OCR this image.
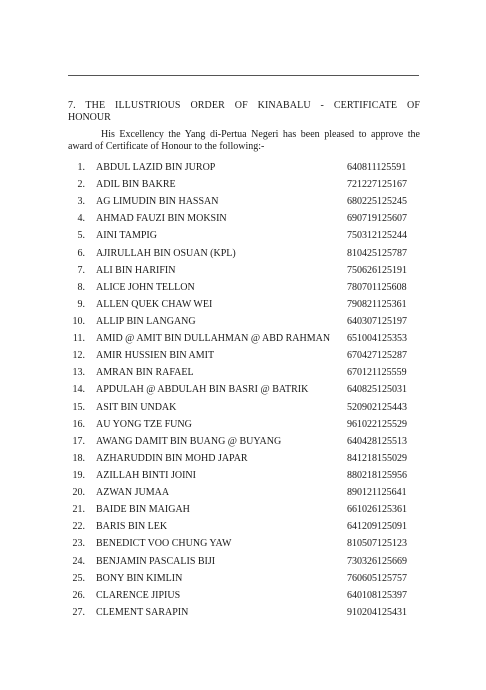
7. THE ILLUSTRIOUS ORDER OF KINABALU - CERTIFICATE OF
HONOUR
His Excellency the Yang di-Pertua Negeri has been pleased to approve the
award of Certificate of Honour to the following:-
1. ABDUL LAZID BIN JUROP	640811125591
2. ADIL BIN BAKRE	721227125167
3. AG LIMUDIN BIN HASSAN	680225125245
4. AHMAD FAUZI BIN MOKSIN	690719125607
5. AINI TAMPIG	750312125244
6. AJIRULLAH BIN OSUAN (KPL)	810425125787
7. ALI BIN HARIFIN	750626125191
8. ALICE JOHN TELLON	780701125608
9. ALLEN QUEK CHAW WEI	790821125361
10. ALLIP BIN LANGANG	640307125197
11. AMID @ AMIT BIN DULLAHMAN @ ABD RAHMAN 651004125353
12. AMIR HUSSIEN BIN AMIT	670427125287
13. AMRAN BIN RAFAEL	670121125559
14. APDULAH @ ABDULAH BIN BASRI @ BATRIK	640825125031
15. ASIT BIN UNDAK	520902125443
16. AU YONG TZE FUNG	961022125529
17. AWANG DAMIT BIN BUANG @ BUYANG	640428125513
18. AZHARUDDIN BIN MOHD JAPAR	841218155029
19. AZILLAH BINTI JOINI	880218125956
20. AZWAN JUMAA	890121125641
21. BAIDE BIN MAIGAH	661026125361
22. BARIS BIN LEK	641209125091
23. BENEDICT VOO CHUNG YAW	810507125123
24. BENJAMIN PASCALIS BIJI	730326125669
25. BONY BIN KIMLIN	760605125757
26. CLARENCE JIPIUS	640108125397
27. CLEMENT SARAPIN	910204125431
